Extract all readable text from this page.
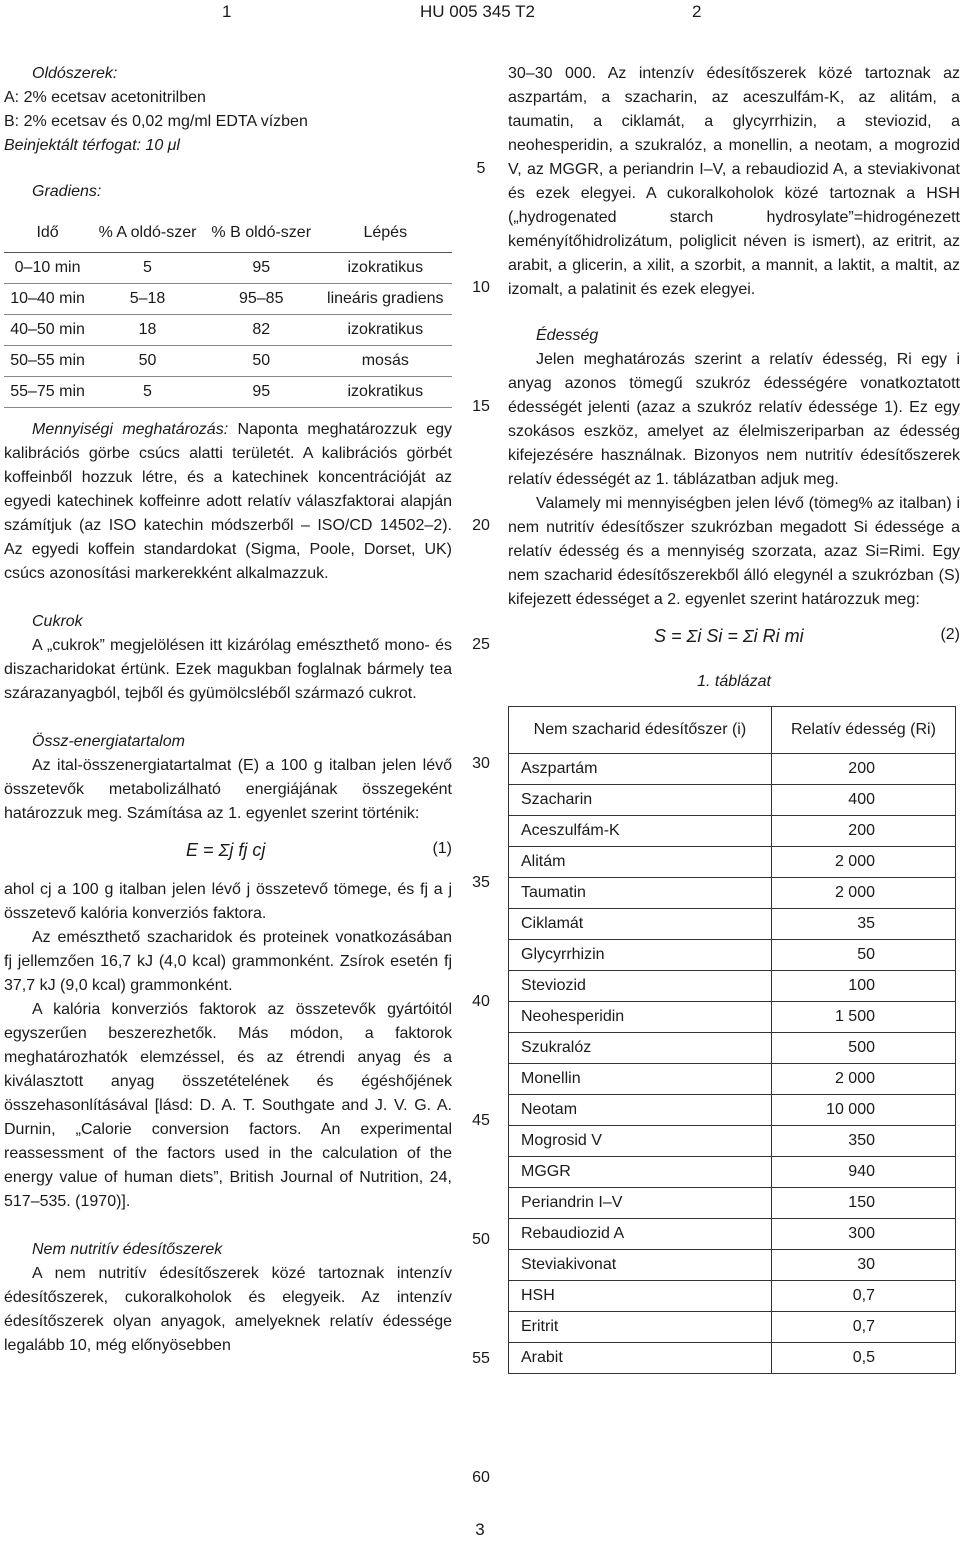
1	HU 005 345 T2	2
Oldószerek:
A: 2% ecetsav acetonitrilben
B: 2% ecetsav és 0,02 mg/ml EDTA vízben
Beinjektált térfogat: 10 μl
Gradiens:
Idő	% A oldó-szer	% B oldó-szer	Lépés
0–10 min	5	95	izokratikus
10–40 min	5–18	95–85	lineáris gradiens
40–50 min	18	82	izokratikus
50–55 min	50	50	mosás
55–75 min	5	95	izokratikus

Mennyiségi meghatározás: Naponta meghatározzuk egy kalibrációs görbe csúcs alatti területét. A kalibrációs görbét koffeinből hozzuk létre, és a katechinek koncentrációját az egyedi katechinek koffeinre adott relatív válaszfaktorai alapján számítjuk (az ISO katechin módszerből – ISO/CD 14502–2). Az egyedi koffein standardokat (Sigma, Poole, Dorset, UK) csúcs azonosítási markerekként alkalmazzuk.

Cukrok

A „cukrok” megjelölésen itt kizárólag emészthető mono- és diszacharidokat értünk. Ezek magukban foglalnak bármely tea szárazanyagból, tejből és gyümölcsléből származó cukrot.

Össz-energiatartalom

Az ital-összenergiatartalmat (E) a 100 g italban jelen lévő összetevők metabolizálható energiájának összegeként határozzuk meg. Számítása az 1. egyenlet szerint történik:

E = Σj fj cj	(1)

ahol cj a 100 g italban jelen lévő j összetevő tömege, és fj a j összetevő kalória konverziós faktora.

Az emészthető szacharidok és proteinek vonatkozásában fj jellemzően 16,7 kJ (4,0 kcal) grammonként. Zsírok esetén fj 37,7 kJ (9,0 kcal) grammonként.

A kalória konverziós faktorok az összetevők gyártóitól egyszerűen beszerezhetők. Más módon, a faktorok meghatározhatók elemzéssel, és az étrendi anyag és a kiválasztott anyag összetételének és égéshőjének összehasonlításával [lásd: D. A. T. Southgate and J. V. G. A. Durnin, „Calorie conversion factors. An experimental reassessment of the factors used in the calculation of the energy value of human diets”, British Journal of Nutrition, 24, 517–535. (1970)].

Nem nutritív édesítőszerek

A nem nutritív édesítőszerek közé tartoznak intenzív édesítőszerek, cukoralkoholok és elegyeik. Az intenzív édesítőszerek olyan anyagok, amelyeknek relatív édessége legalább 10, még előnyösebben

5
10
15
20
25
30
35
40
45
50
55
60

30–30 000. Az intenzív édesítőszerek közé tartoznak az aszpartám, a szacharin, az aceszulfám-K, az alitám, a taumatin, a ciklamát, a glycyrrhizin, a steviozid, a neohesperidin, a szukralóz, a monellin, a neotam, a mogrozid V, az MGGR, a periandrin I–V, a rebaudiozid A, a steviakivonat és ezek elegyei. A cukoralkoholok közé tartoznak a HSH („hydrogenated starch hydrosylate”=hidrogénezett keményítőhidrolizátum, poliglicit néven is ismert), az eritrit, az arabit, a glicerin, a xilit, a szorbit, a mannit, a laktit, a maltit, az izomalt, a palatinit és ezek elegyei.

Édesség

Jelen meghatározás szerint a relatív édesség, Ri egy i anyag azonos tömegű szukróz édességére vonatkoztatott édességét jelenti (azaz a szukróz relatív édessége 1). Ez egy szokásos eszköz, amelyet az élelmiszeriparban az édesség kifejezésére használnak. Bizonyos nem nutritív édesítőszerek relatív édességét az 1. táblázatban adjuk meg.

Valamely mi mennyiségben jelen lévő (tömeg% az italban) i nem nutritív édesítőszer szukrózban megadott Si édessége a relatív édesség és a mennyiség szorzata, azaz Si=Rimi. Egy nem szacharid édesítőszerekből álló elegynél a szukrózban (S) kifejezett édességet a 2. egyenlet szerint határozzuk meg:

S = Σi Si = Σi Ri mi	(2)
1. táblázat
Nem szacharid édesítőszer (i)	Relatív édesség (Ri)
Aszpartám	200
Szacharin	400
Aceszulfám-K	200
Alitám	2 000
Taumatin	2 000
Ciklamát	35
Glycyrrhizin	50
Steviozid	100
Neohesperidin	1 500
Szukralóz	500
Monellin	2 000
Neotam	10 000
Mogrosid V	350
MGGR	940
Periandrin I–V	150
Rebaudiozid A	300
Steviakivonat	30
HSH	0,7
Eritrit	0,7
Arabit	0,5
3
